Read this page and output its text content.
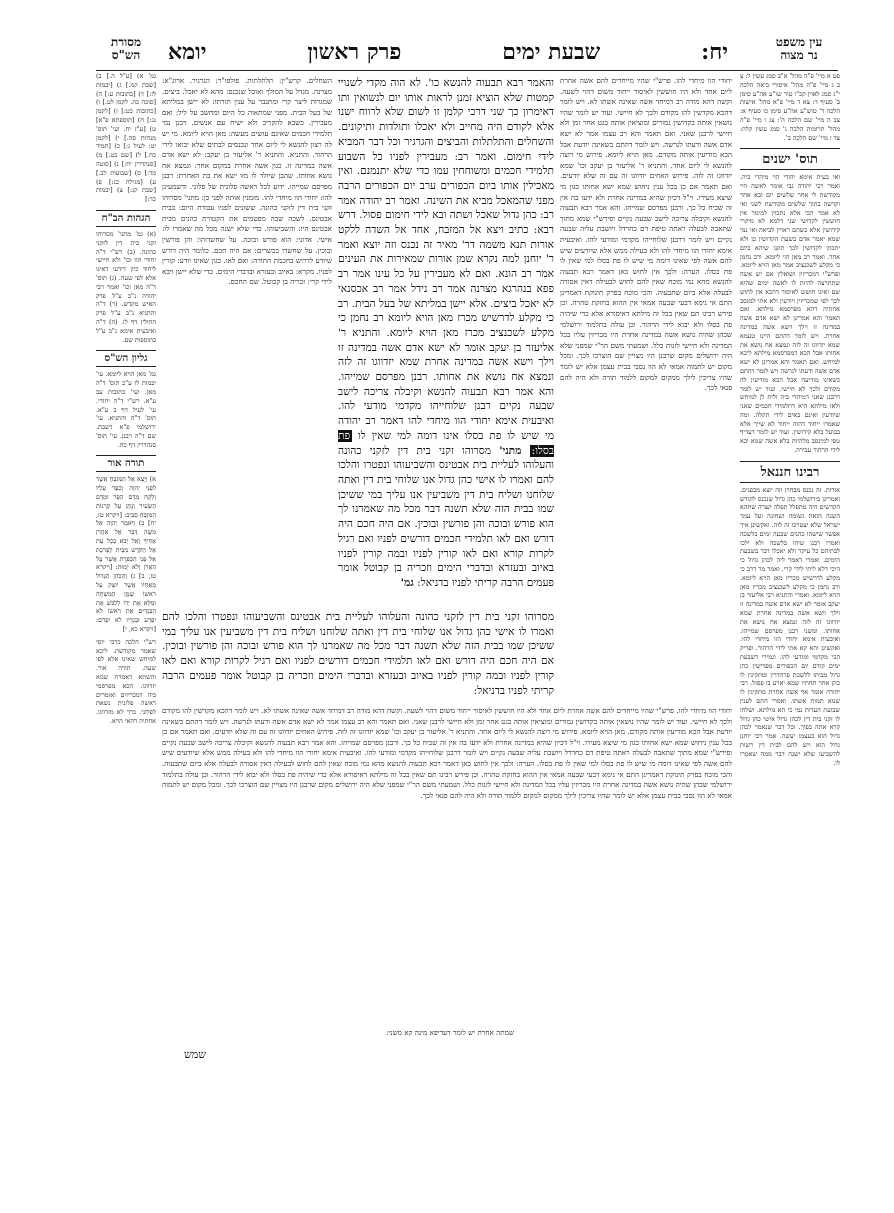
מסורת
הש"ס
עין משפט
נר מצוה
יח:
שבעת ימים
פרק ראשון
יומא
פט א מיי' פ"ה מהל' א"ב סמג עשין ל: צ ב ג מיי' פ"ה מהל' איסורי ביאה הלכה י"ג סמג לאוין קכ"ו טור שו"ע אה"ע סימן ב' סעיף ד: צא ד מיי' פ"א מהל' אישות הלכה ד' טוש"ע אה"ע סימן כו סעיף א: צב ה מיי' שם הלכה ה': צג ו מיי' פ"ה מהל' תרומות הלכה ג' סמג עשין קלה: צד ז מיי' שם הלכה ב'.
תוס' ישנים
ואי בעית אימא יהודי הוי מיהדי ביה. ואמר רבי יהודה גבי אומר לאשה היי מקודשת לי אחר שלשים יום ובא אחר וקדשה בתוך שלשים מקודשת לשני ואי לא אמר הכי אלא נתכוין למימר אין חוששין לקדושי שני דלמא לא מיקרי קידושין אלא כשהם ראויין לביאה ואי נמי שמא יאמר אדם בשעת הקדושין כן ולא יתכוון לקדושין לכך תקנו שיהא ביום אחד. ואמר רב מאן הוי ליומא. ורב נחמן כי מקלע לשכנציב אמר מאן הויא ליומא. ופרש"י דמכריזין ושואלין אם יש אשה שתתרצה להיות לו לאשה ימים שהוא שם ואינו חושש לאיסור דהכא אין לחוש לכך לפי שמכריזין ויודעין ולא אתי למנסב אחתיה דהא מפרסמא מילתא. ואם תאמר והא אמרינן לא ישא אדם אשה במדינה זו וילך וישא אשה במדינה אחרת. ויש לומר דהתם היינו טעמא שמא יזדווגו זה לזה ונמצא אח נושא את אחותו אבל הכא דמפרסמא מילתא ליכא למיחש. ואם תאמר והא אמרינן לא ישא אדם אשה ודעתו לגרשה ויש לומר דהתם כשאינו מודיעה אבל הכא מודיעין לה מקודם ולכך לא חיישי. ועוד יש לומר דרבנן שאני דמיהדי ביה ולית לן למיחש ולאו מילתא היא דתלמידי חכמים שאני שיודעין ואינם באים לידי תקלה. ומה שאמרו ייחוד דהוה ייחוד לא שייך אלא בבועל בלא קידושין. ועוד יש לומר דעדיף טפי למינסב מלהיות בלא אשה שמא יבא לידי הרהור עבירה.
רבינו חננאל
אורות. זה נכנס מבחוץ וזה יוצא מבפנים. ואמרינן בירושלמי כהן גדול שנכנס לקודש הקדשים היה מתפלל תפלה קצרה שתהא השנה הזאת גשומה ושחונה ועל עמך ישראל שלא יצטרכו זה לזה. ואקשינן איך אפשר שישהו כהנים שבעה ימים בלשכה ואמרו רבנן שיהו בלשכה ולא ילכו לבתיהם כל עיקר ולא יאכלו דבר בשבעת הימים. ואמרי דאמר ליה לכהן גדול כי היכי דלא ליתי לידי קרי. ואמר מר דרב כי מקלע לדרשיש מכריז מאן הויא ליומא. ורב נחמן כי מקלע לשכנציב מכריז מאן הויא ליומא. ואמרי והתניא רבי אליעזר בן יעקב אומר לא ישא אדם אשה במדינה זו וילך וישא אשה במדינה אחרת שמא יזדווגו זה לזה ונמצא אח נושא את אחותו. ומשני רבנן מפרסם שמייהו. ואיבעית אימא יחודי הוו מיחדי להו. ואקשינן והא קא אתי לידי הרהור. ופריק הכי מקדמי ומודעי להו. וגמירי דשבעת ימים קודם יום הכפורים מפרישין כהן גדול מביתו ללשכת פרהדרין ומתקינין לו כהן אחר תחתיו שמא יארע בו פסול. רבי יהודה אומר אף אשה אחרת מתקינין לו שמא תמות אשתו. ואמרי התם לענין שבועת העדות נמי כי הא מילתא. ושלחו לו זקני בית דין לכהן גדול אישי כהן גדול קרא אתה בפיך. וכל דבר שנאמר לכהן גדול הוא בעצמו יעשה. אמר רבי יוחנן גדול הוא ויש להם לבית דין רשות להשביעו שלא ישנה דבר ממה שאמרו לו.
גמ' א) [ע"ל ה.] ב) [שבת קמ.] ג) [יבמות לז:] ד) [כתובות ע:] ה) [סוכה כה. לקמן לט.] ו) [כתובות כט:] ז) [לקמן נג:] ח) [תוספתא פ"א] ט) [ע"ז יח. ועי' תוס' מנחות סה.] י) [לקמן יט: לעיל ג:] כ) [תמיד כח.] ל) [שם כט.] מ) [סנהדרין יח:] נ) [סוטה מד:] ס) [שבועות לב.] ע) [מגילה כג:] פ) [שבת קג:] צ) [יבמות כד:]
הגהות הב"ח
(א) גמ' מתני' מסרוהו זקני בית דין לזקני כהונה. (ב) רש"י ד"ה יחודי הוו וכו' ולא חיישי ליחוד כיון דידעי דאינו אלא לפי שעה. (ג) תוס' ד"ה מאן וכו' ואמר רבי יהודה נ"ב ע"ל פרק האיש מקדש. (ד) ד"ה והתניא נ"ב ע"ל פרק החולץ דף לז. (ה) ד"ה ואיבעית אימא נ"ב ע"ל בתוספות שם.
גליון הש"ס
גמ' מאן הויא ליומא. עי' יבמות לז ע"ב תוס' ד"ה מאן. ועי' כתובות עב ע"א. רש"י ד"ה יחודי. עי' לעיל דף ב ע"א. תוס' ד"ה והתניא. עי' ירושלמי פ"א דשבת. שם ד"ה רבנן. עי' תוס' סנהדרין דף כח.
תורה אור
א) וְיָצָא אֶל הַמִּזְבֵּחַ אֲשֶׁר לִפְנֵי יְהוָה וְכִפֶּר עָלָיו וְלָקַח מִדַּם הַפָּר וּמִדַּם הַשָּׂעִיר וְנָתַן עַל קַרְנוֹת הַמִּזְבֵּחַ סָבִיב: [ויקרא טז, יח] ב) וַיֹּאמֶר יְהוָה אֶל מֹשֶׁה דַּבֵּר אֶל אַהֲרֹן אָחִיךָ וְאַל יָבֹא בְכָל עֵת אֶל הַקֹּדֶשׁ מִבֵּית לַפָּרֹכֶת אֶל פְּנֵי הַכַּפֹּרֶת אֲשֶׁר עַל הָאָרֹן וְלֹא יָמוּת: [ויקרא טז, ב] ג) וְהַכֹּהֵן הַגָּדוֹל מֵאֶחָיו אֲשֶׁר יוּצַק עַל רֹאשׁוֹ שֶׁמֶן הַמִּשְׁחָה וּמִלֵּא אֶת יָדוֹ לִלְבֹּשׁ אֶת הַבְּגָדִים אֶת רֹאשׁוֹ לֹא יִפְרָע וּבְגָדָיו לֹא יִפְרֹם: [ויקרא כא, י]
רש"י הלכה כרבי יוסי שאמר מקודשת. ליכא למיחש שאינו אלא לפי שעה. תורה אור. והשתא דאמרת שמא יזדווגו. הכא מפרסמי ביה דמכריזים ואומרים דאשה פלונית נשאת לפלוני. כרך לא מזדווגו. אחתיה דהאי הויא.

השחלים. קרש"ין: תלתלתות. פולפו"ר: הגרגיר. ארוג"א: מצרנה. מגדל על המולך ואוכל שנכנס: מהא לא יאכל. ביצים. שמגרות ליצר קרי ומתגבר על ענין תורתו: לא יישן במליתא של בעל הבית. מפני שמתאוה כל היום ומחשב על ליל: ואם מעבירין. כשבא להקריב ולא ישיח עם אנשים. רבנן נמי תלמידי חכמים שאינם עושים מעשה: מאן הויא ליומא. מי יש לה רצון להנשא לי ליום אחד ונכנסים לבתים שלא יבואו לידי הרהור. והתניא. והתניא ר' אליעזר בן יעקב: לא ישא אדם אשה במדינה זו. כגון אשה אחרת במקום אחר: ונמצא אח נושא אחותו. שהבן שיולד לו מזו ישא את בת האחרת: רבנן מפרסם שמייהו. ידוע לכל דאשה פלונית של פלוני. ודשמעינן להו: יחודי הוו מיחדי להו. מזמנין אותה לפני כן: מתני' מסרוהו זקני בית דין לזקני כהונה. ששונים לפניו עבודת היום: בבית אבטינס. לשכה שבה מפטמים את הקטורת כהנים מבית אבטינס היו: והשביעוהו. כדי שלא ישנה מכל מה שאמרו לו: אישי. אדוני: הוא פורש ובוכה. על שחשדוהו: והן פורשין ובוכין. על שחשדו בכשרים: אם היה חכם. כלומר היה דורש שיודע לדרוש בחכמת התורה: ואם לאו. כגון שאינו יודע: קורין לפניו. מקרא: באיוב ובעזרא ובדברי הימים. כדי שלא יישן ויבא לידי קרי: זכריה בן קבוטל. שם החכם.

יחודי הוו מיחדי להו. פרש"י שהיו מייחדים להם אשה אחרת ליום אחד ולא היו חוששין לאיסור ייחוד משום דהוי לשעה. וקשה דהא מודה רב דמיחד אשה שאינה אשתו לא. ויש לומר דהכא מקדשין להו מקודם ולכך לא חיישי. ועוד יש לומר שהיו נושאין אותה בקדושין גמורים ומוציאין אותה בגט אחר זמן ולא חיישי לרבנן שאני. ואם תאמר והא רב עצמו אמר לא ישא אדם אשה ודעתו לגרשה. ויש לומר דהתם כשאינה יודעת אבל הכא מודיעין אותה מקודם. מאן הויא ליומא. פירוש מי רוצה להנשא לי ליום אחד. והתניא ר' אליעזר בן יעקב וכו' שמא יזדווגו זה לזה. פירוש האחים יזדווגו זה עם זה שלא יודעים. ואם תאמר אם כן בכל ענין ניחוש שמא ישא אחותו כגון מי שיצא מעירו. וי"ל דכיון שהיא במדינה אחרת ולא ידעו בה אין זה שכיח כל כך. ורבנן מפרסם שמייהו. והא אמר רבא תבעוה להנשא וקיבלה צריכה לישב שבעה נקיים ופירש"י שמא מתוך שתאבה לבעלה ראתה טיפת דם כחרדל ויושבת עליה שבעה נקיים ויש לומר דרבנן שלוחייהו מקדמי ומודעי להו. ואיבעית אימא יחודי הוו מיחדי להו ולא בעילה ממש אלא שיודעים שיש להם אשה לפי שאינו דומה מי שיש לו פת בסלו למי שאין לו פת בסלו. הערה: ולכך אין לחוש כאן דאמר רבא תבעוה להנשא מהא נמי מוכח שאין להם לחוש לבעילה דאין אסורה לבעלה אלא ביום שתבעוה. והכי מוכח בפרק תינוקת דאמרינן התם אי נימא דבעי שבעה אמאי אין ההוא בחזקת טהרה. וכן פירש רבינו תם שאין בכל זה מילתא דאיסורא אלא כדי שיהיה פת בסלו ולא יבוא לידי הרהור. וכן עולה בתלמוד ירושלמי שכהן שהיה נושא אשה במדינה אחרת היו מכריזין עליו בכל המדינה ולא חיישי לזנות כלל. ושמעתי משם הר"י שמפני שלא היה ירושלים מקום שרבנן היו מצויין שם הוצרכו לכך. ומכל מקום יש לתמוה אמאי לא הוו נסבי בבית עצמן אלא יש לומר שהיו צריכין לילך ממקום למקום ללמוד תורה ולא היה להם פנאי לכך.

והאמר רבא תבעוה להנשא כו'. לא הוה מקדי לשנויי קמטות שלא הוציא זמנן לראות אותו יום לנשואין ותו דאימרון כך שני דרכי קלמן זו לשום שלא לרווח ישנו אלא לקודם היה מחייב ולא יאכלו ותולדות ותיקונים. והשחלים והתלתלות והביצים והגרגיר וכל דבר המביא לידי חימום. ואמר רב: מעבירין לפניו כל השבוע תלמידי חכמים ומשוחחין עמו כדי שלא יתנמנם. ואין מאכילין אותו ביום הכפורים ערב יום הכפורים הרבה מפני שהמאכל מביא את השינה. ואמר רב יהודה אמר רב: כהן גדול שאכל ושתה ובא לידי חימום פסול. דרש רבא: כתיב ויצא אל המזבח, אחד אל השדה ללקט אורות תנא משמה דר' מאיר זה נכנס וזה יוצא ואמר ר' יוחנן למה נקרא שמן אורות שמאירות את העינים אמר רב הונא. ואם לא מעבירין על כל עינו אמר רב פפא בנהרגא מצרנה אמר רב נידל אמר רב אכסנאי לא יאכל ביצים. אלא יישן במליתא של בעל הבית. רב כי מקלע לדרשיש מכרז מאן הויא ליומא רב נחמן כי מקלע לשכנציב מכרז מאן הויא ליומא. והתניא ר' אליעזר בן יעקב אומר לא ישא אדם אשה במדינה זו וילך וישא אשה במדינה אחרת שמא יזדווגו זה לזה ונמצא אח נושא את אחותו. רבנן מפרסם שמייהו. והא אמר רבא תבעוה להנשא וקיבלה צריכה לישב שבעה נקיים רבנן שלוחייהו מקדמי מודעי להו. ואיבעית אימא יחודי הוו מיחדי להו דאמר רב יהודה מי שיש לו פת בסלו אינו דומה למי שאין לו פת בסלו: מתני' מסרוהו זקני בית דין לזקני כהונה והעלוהו לעליית בית אבטינס והשביעוהו ונפטרו והלכו להם ואמרו לו אישי כהן גדול אנו שלוחי בית דין ואתה שלוחנו ושליח בית דין משביעין אנו עליך במי ששיכן שמו בבית הזה שלא תשנה דבר מכל מה שאמרנו לך הוא פורש ובוכה והן פורשין ובוכין. אם היה חכם היה דורש ואם לאו תלמידי חכמים דורשים לפניו ואם רגיל לקרות קורא ואם לאו קורין לפניו ובמה קורין לפניו באיוב ובעזרא ובדברי הימים וזכריה בן קבוטל אומר פעמים הרבה קריתי לפניו בדניאל: גמ'

מסרוהו זקני בית דין לזקני כהונה והעלוהו לעליית בית אבטינס והשביעוהו ונפטרו והלכו להם ואמרו לו אישי כהן גדול אנו שלוחי בית דין ואתה שלוחנו ושליח בית דין משביעין אנו עליך במי ששיכן שמו בבית הזה שלא תשנה דבר מכל מה שאמרנו לך הוא פורש ובוכה והן פורשין ובוכין. אם היה חכם היה דורש ואם לאו תלמידי חכמים דורשים לפניו ואם רגיל לקרות קורא ואם לאו קורין לפניו ובמה קורין לפניו באיוב ובעזרא ובדברי הימים וזכריה בן קבוטל אומר פעמים הרבה קריתי לפניו בדניאל:

יחודי הוו מיחדי להו. פרש"י שהיו מייחדים להם אשה אחרת ליום אחד ולא היו חוששין לאיסור ייחוד משום דהוי לשעה. וקשה דהא מודה רב דמיחד אשה שאינה אשתו לא. ויש לומר דהכא מקדשין להו מקודם ולכך לא חיישי. ועוד יש לומר שהיו נושאין אותה בקדושין גמורים ומוציאין אותה בגט אחר זמן ולא חיישי לרבנן שאני. ואם תאמר והא רב עצמו אמר לא ישא אדם אשה ודעתו לגרשה. ויש לומר דהתם כשאינה יודעת אבל הכא מודיעין אותה מקודם. מאן הויא ליומא. פירוש מי רוצה להנשא לי ליום אחד. והתניא ר' אליעזר בן יעקב וכו' שמא יזדווגו זה לזה. פירוש האחים יזדווגו זה עם זה שלא יודעים. ואם תאמר אם כן בכל ענין ניחוש שמא ישא אחותו כגון מי שיצא מעירו. וי"ל דכיון שהיא במדינה אחרת ולא ידעו בה אין זה שכיח כל כך. ורבנן מפרסם שמייהו. והא אמר רבא תבעוה להנשא וקיבלה צריכה לישב שבעה נקיים ופירש"י שמא מתוך שתאבה לבעלה ראתה טיפת דם כחרדל ויושבת עליה שבעה נקיים ויש לומר דרבנן שלוחייהו מקדמי ומודעי להו. ואיבעית אימא יחודי הוו מיחדי להו ולא בעילה ממש אלא שיודעים שיש להם אשה לפי שאינו דומה מי שיש לו פת בסלו למי שאין לו פת בסלו. הערה: ולכך אין לחוש כאן דאמר רבא תבעוה להנשא מהא נמי מוכח שאין להם לחוש לבעילה דאין אסורה לבעלה אלא ביום שתבעוה. והכי מוכח בפרק תינוקת דאמרינן התם אי נימא דבעי שבעה אמאי אין ההוא בחזקת טהרה. וכן פירש רבינו תם שאין בכל זה מילתא דאיסורא אלא כדי שיהיה פת בסלו ולא יבוא לידי הרהור. וכן עולה בתלמוד ירושלמי שכהן שהיה נושא אשה במדינה אחרת היו מכריזין עליו בכל המדינה ולא חיישי לזנות כלל. ושמעתי משם הר"י שמפני שלא היה ירושלים מקום שרבנן היו מצויין שם הוצרכו לכך. ומכל מקום יש לתמוה אמאי לא הוו נסבי בבית עצמן אלא יש לומר שהיו צריכין לילך ממקום למקום ללמוד תורה ולא היה להם פנאי לכך.

שמתה אחרת יש לומר דעדיפא מינה קא משני:
שמש
